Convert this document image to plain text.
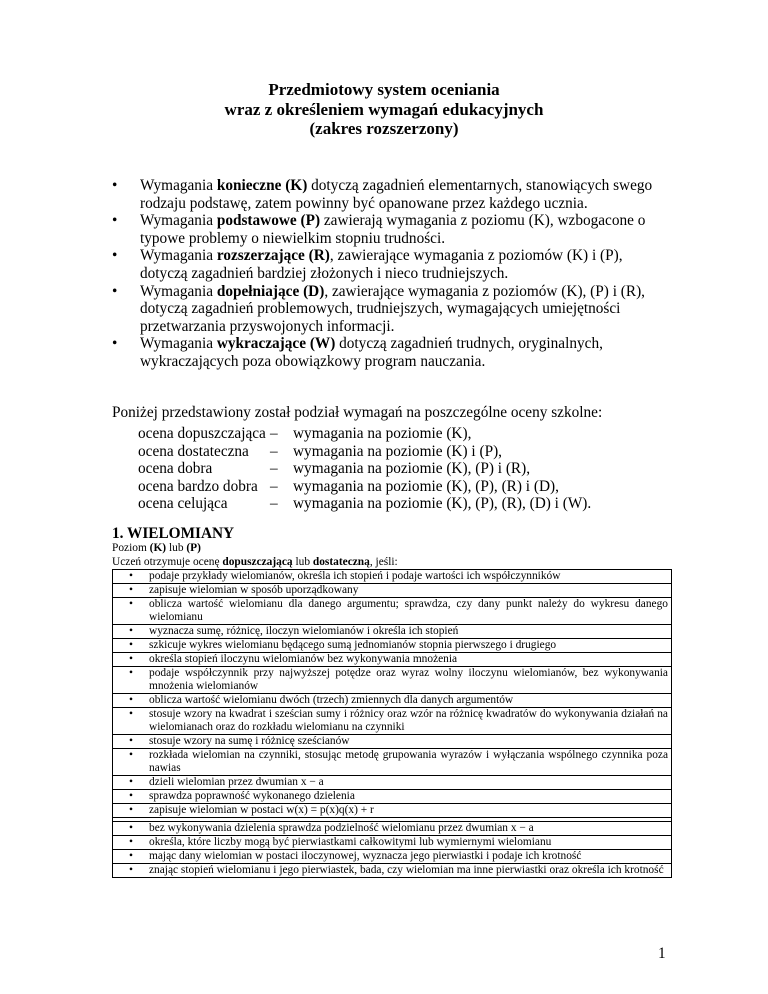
Przedmiotowy system oceniania
wraz z określeniem wymagań edukacyjnych
(zakres rozszerzony)
• Wymagania konieczne (K) dotyczą zagadnień elementarnych, stanowiących swego rodzaju podstawę, zatem powinny być opanowane przez każdego ucznia.
• Wymagania podstawowe (P) zawierają wymagania z poziomu (K), wzbogacone o typowe problemy o niewielkim stopniu trudności.
• Wymagania rozszerzające (R), zawierające wymagania z poziomów (K) i (P), dotyczą zagadnień bardziej złożonych i nieco trudniejszych.
• Wymagania dopełniające (D), zawierające wymagania z poziomów (K), (P) i (R), dotyczą zagadnień problemowych, trudniejszych, wymagających umiejętności przetwarzania przyswojonych informacji.
• Wymagania wykraczające (W) dotyczą zagadnień trudnych, oryginalnych, wykraczających poza obowiązkowy program nauczania.
Poniżej przedstawiony został podział wymagań na poszczególne oceny szkolne:
ocena dopuszczająca	–	wymagania na poziomie (K),
ocena dostateczna	–	wymagania na poziomie (K) i (P),
ocena dobra	–	wymagania na poziomie (K), (P) i (R),
ocena bardzo dobra	–	wymagania na poziomie (K), (P), (R) i (D),
ocena celująca	–	wymagania na poziomie (K), (P), (R), (D) i (W).
1. WIELOMIANY
Poziom (K) lub (P)
Uczeń otrzymuje ocenę dopuszczającą lub dostateczną, jeśli:
•	podaje przykłady wielomianów, określa ich stopień i podaje wartości ich współczynników
•	zapisuje wielomian w sposób uporządkowany
•	oblicza wartość wielomianu dla danego argumentu; sprawdza, czy dany punkt należy do wykresu danego wielomianu
•	wyznacza sumę, różnicę, iloczyn wielomianów i określa ich stopień
•	szkicuje wykres wielomianu będącego sumą jednomianów stopnia pierwszego i drugiego
•	określa stopień iloczynu wielomianów bez wykonywania mnożenia
•	podaje współczynnik przy najwyższej potędze oraz wyraz wolny iloczynu wielomianów, bez wykonywania mnożenia wielomianów
•	oblicza wartość wielomianu dwóch (trzech) zmiennych dla danych argumentów
•	stosuje wzory na kwadrat i sześcian sumy i różnicy oraz wzór na różnicę kwadratów do wykonywania działań na wielomianach oraz do rozkładu wielomianu na czynniki
•	stosuje wzory na sumę i różnicę sześcianów
•	rozkłada wielomian na czynniki, stosując metodę grupowania wyrazów i wyłączania wspólnego czynnika poza nawias
•	dzieli wielomian przez dwumian x − a
•	sprawdza poprawność wykonanego dzielenia
•	zapisuje wielomian w postaci w(x) = p(x)q(x) + r
•	bez wykonywania dzielenia sprawdza podzielność wielomianu przez dwumian x − a
•	określa, które liczby mogą być pierwiastkami całkowitymi lub wymiernymi wielomianu
•	mając dany wielomian w postaci iloczynowej, wyznacza jego pierwiastki i podaje ich krotność
•	znając stopień wielomianu i jego pierwiastek, bada, czy wielomian ma inne pierwiastki oraz określa ich krotność
1
